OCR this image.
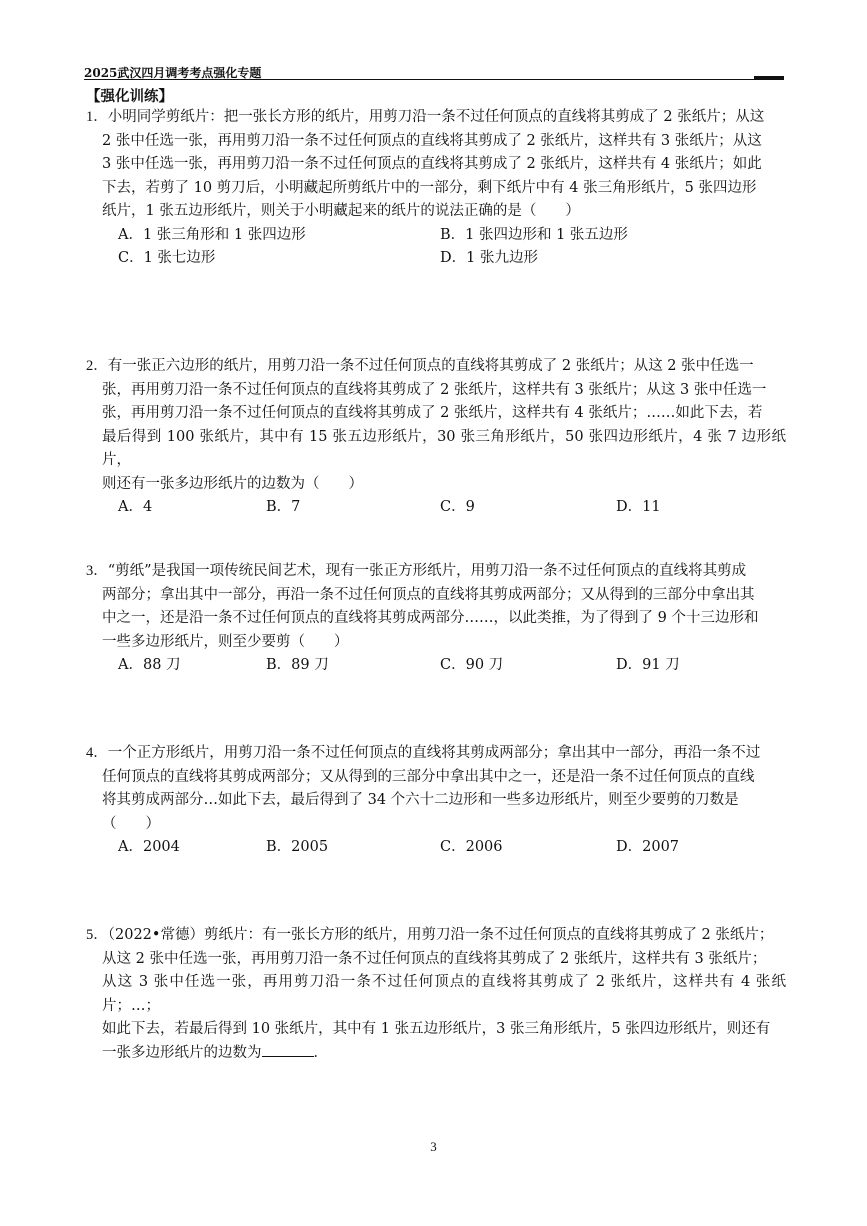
2025武汉四月调考考点强化专题
【强化训练】
1．小明同学剪纸片：把一张长方形的纸片，用剪刀沿一条不过任何顶点的直线将其剪成了 2 张纸片；从这
2 张中任选一张，再用剪刀沿一条不过任何顶点的直线将其剪成了 2 张纸片，这样共有 3 张纸片；从这
3 张中任选一张，再用剪刀沿一条不过任何顶点的直线将其剪成了 2 张纸片，这样共有 4 张纸片；如此
下去，若剪了 10 剪刀后，小明藏起所剪纸片中的一部分，剩下纸片中有 4 张三角形纸片，5 张四边形
纸片，1 张五边形纸片，则关于小明藏起来的纸片的说法正确的是（　　）
A．1 张三角形和 1 张四边形	B．1 张四边形和 1 张五边形
C．1 张七边形	D．1 张九边形
2．有一张正六边形的纸片，用剪刀沿一条不过任何顶点的直线将其剪成了 2 张纸片；从这 2 张中任选一
张，再用剪刀沿一条不过任何顶点的直线将其剪成了 2 张纸片，这样共有 3 张纸片；从这 3 张中任选一
张，再用剪刀沿一条不过任何顶点的直线将其剪成了 2 张纸片，这样共有 4 张纸片；……如此下去，若
最后得到 100 张纸片，其中有 15 张五边形纸片，30 张三角形纸片，50 张四边形纸片，4 张 7 边形纸片，
则还有一张多边形纸片的边数为（　　）
A．4	B．7	C．9	D．11
3．“剪纸”是我国一项传统民间艺术，现有一张正方形纸片，用剪刀沿一条不过任何顶点的直线将其剪成
两部分；拿出其中一部分，再沿一条不过任何顶点的直线将其剪成两部分；又从得到的三部分中拿出其
中之一，还是沿一条不过任何顶点的直线将其剪成两部分……，以此类推，为了得到了 9 个十三边形和
一些多边形纸片，则至少要剪（　　）
A．88 刀	B．89 刀	C．90 刀	D．91 刀
4．一个正方形纸片，用剪刀沿一条不过任何顶点的直线将其剪成两部分；拿出其中一部分，再沿一条不过
任何顶点的直线将其剪成两部分；又从得到的三部分中拿出其中之一，还是沿一条不过任何顶点的直线
将其剪成两部分…如此下去，最后得到了 34 个六十二边形和一些多边形纸片，则至少要剪的刀数是
（　　）
A．2004	B．2005	C．2006	D．2007
5．（2022•常德）剪纸片：有一张长方形的纸片，用剪刀沿一条不过任何顶点的直线将其剪成了 2 张纸片；
从这 2 张中任选一张，再用剪刀沿一条不过任何顶点的直线将其剪成了 2 张纸片，这样共有 3 张纸片；
从这 3 张中任选一张，再用剪刀沿一条不过任何顶点的直线将其剪成了 2 张纸片，这样共有 4 张纸片；…；
如此下去，若最后得到 10 张纸片，其中有 1 张五边形纸片，3 张三角形纸片，5 张四边形纸片，则还有
一张多边形纸片的边数为	．
3
